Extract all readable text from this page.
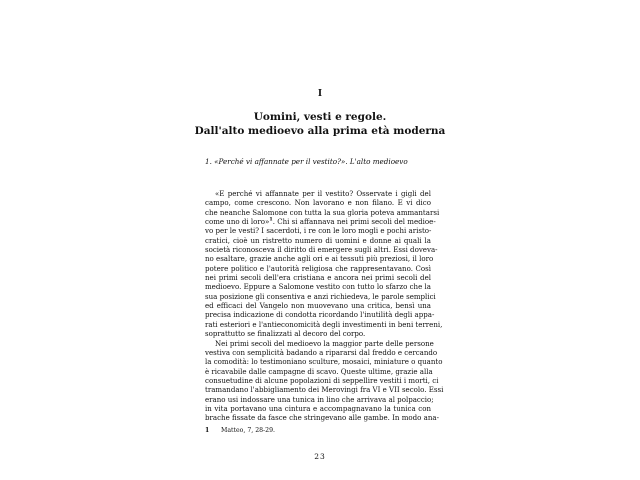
I
Uomini, vesti e regole.
Dall'alto medioevo alla prima età moderna
1. «Perché vi affannate per il vestito?». L'alto medioevo
«E perché vi affannate per il vestito? Osservate i gigli del
campo, come crescono. Non lavorano e non filano. E vi dico
che neanche Salomone con tutta la sua gloria poteva ammantarsi
come uno di loro»$^1$. Chi si affannava nei primi secoli del medioe-
vo per le vesti? I sacerdoti, i re con le loro mogli e pochi aristo-
cratici, cioè un ristretto numero di uomini e donne ai quali la
società riconosceva il diritto di emergere sugli altri. Essi doveva-
no esaltare, grazie anche agli ori e ai tessuti più preziosi, il loro
potere politico e l'autorità religiosa che rappresentavano. Così
nei primi secoli dell'era cristiana e ancora nei primi secoli del
medioevo. Eppure a Salomone vestito con tutto lo sfarzo che la
sua posizione gli consentiva e anzi richiedeva, le parole semplici
ed efficaci del Vangelo non muovevano una critica, bensì una
precisa indicazione di condotta ricordando l'inutilità degli appa-
rati esteriori e l'antieconomicità degli investimenti in beni terreni,
soprattutto se finalizzati al decoro del corpo.
Nei primi secoli del medioevo la maggior parte delle persone
vestiva con semplicità badando a ripararsi dal freddo e cercando
la comodità: lo testimoniano sculture, mosaici, miniature o quanto
è ricavabile dalle campagne di scavo. Queste ultime, grazie alla
consuetudine di alcune popolazioni di seppellire vestiti i morti, ci
tramandano l'abbigliamento dei Merovingi fra VI e VII secolo. Essi
erano usi indossare una tunica in lino che arrivava al polpaccio;
in vita portavano una cintura e accompagnavano la tunica con
brache fissate da fasce che stringevano alle gambe. In modo ana-
1 Matteo, 7, 28-29.
23
